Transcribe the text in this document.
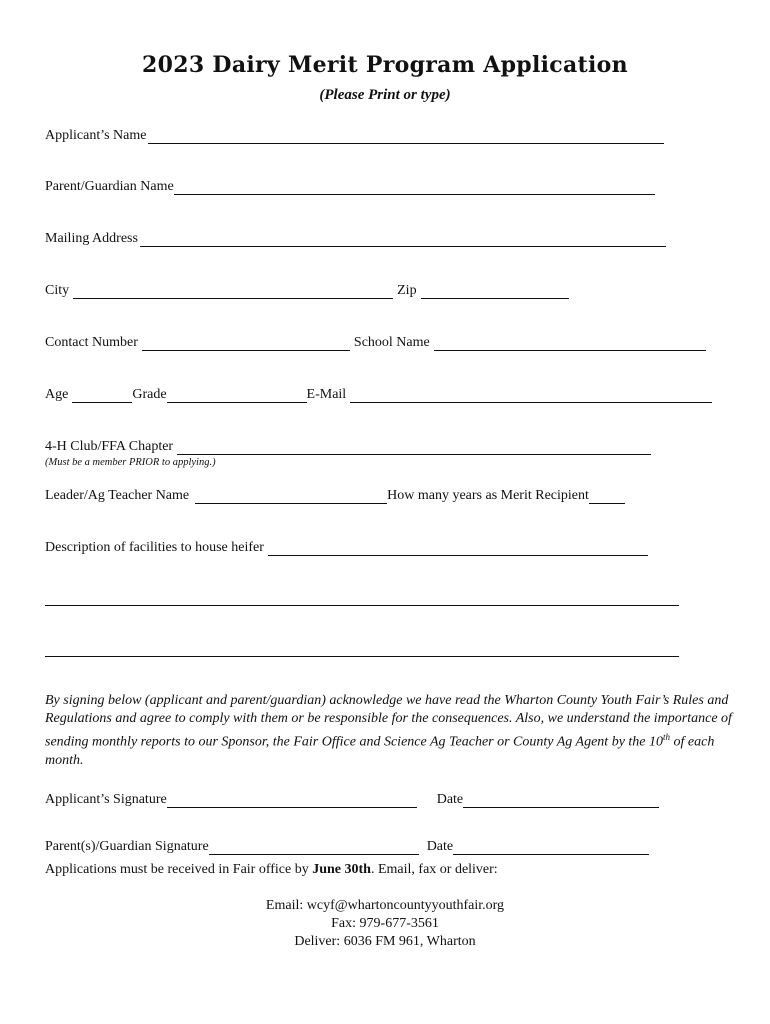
2023 Dairy Merit Program Application
(Please Print or type)
Applicant’s Name
Parent/Guardian Name
Mailing Address
City	Zip
Contact Number	School Name
Age	Grade	E-Mail
4-H Club/FFA Chapter
(Must be a member PRIOR to applying.)
Leader/Ag Teacher Name	How many years as Merit Recipient
Description of facilities to house heifer
By signing below (applicant and parent/guardian) acknowledge we have read the Wharton County Youth Fair’s Rules and Regulations and agree to comply with them or be responsible for the consequences. Also, we understand the importance of sending monthly reports to our Sponsor, the Fair Office and Science Ag Teacher or County Ag Agent by the 10th of each month.
Applicant’s Signature	Date
Parent(s)/Guardian Signature	Date
Applications must be received in Fair office by June 30th . Email, fax or deliver:
Email: wcyf@whartoncountyyouthfair.org
Fax: 979-677-3561
Deliver: 6036 FM 961, Wharton
